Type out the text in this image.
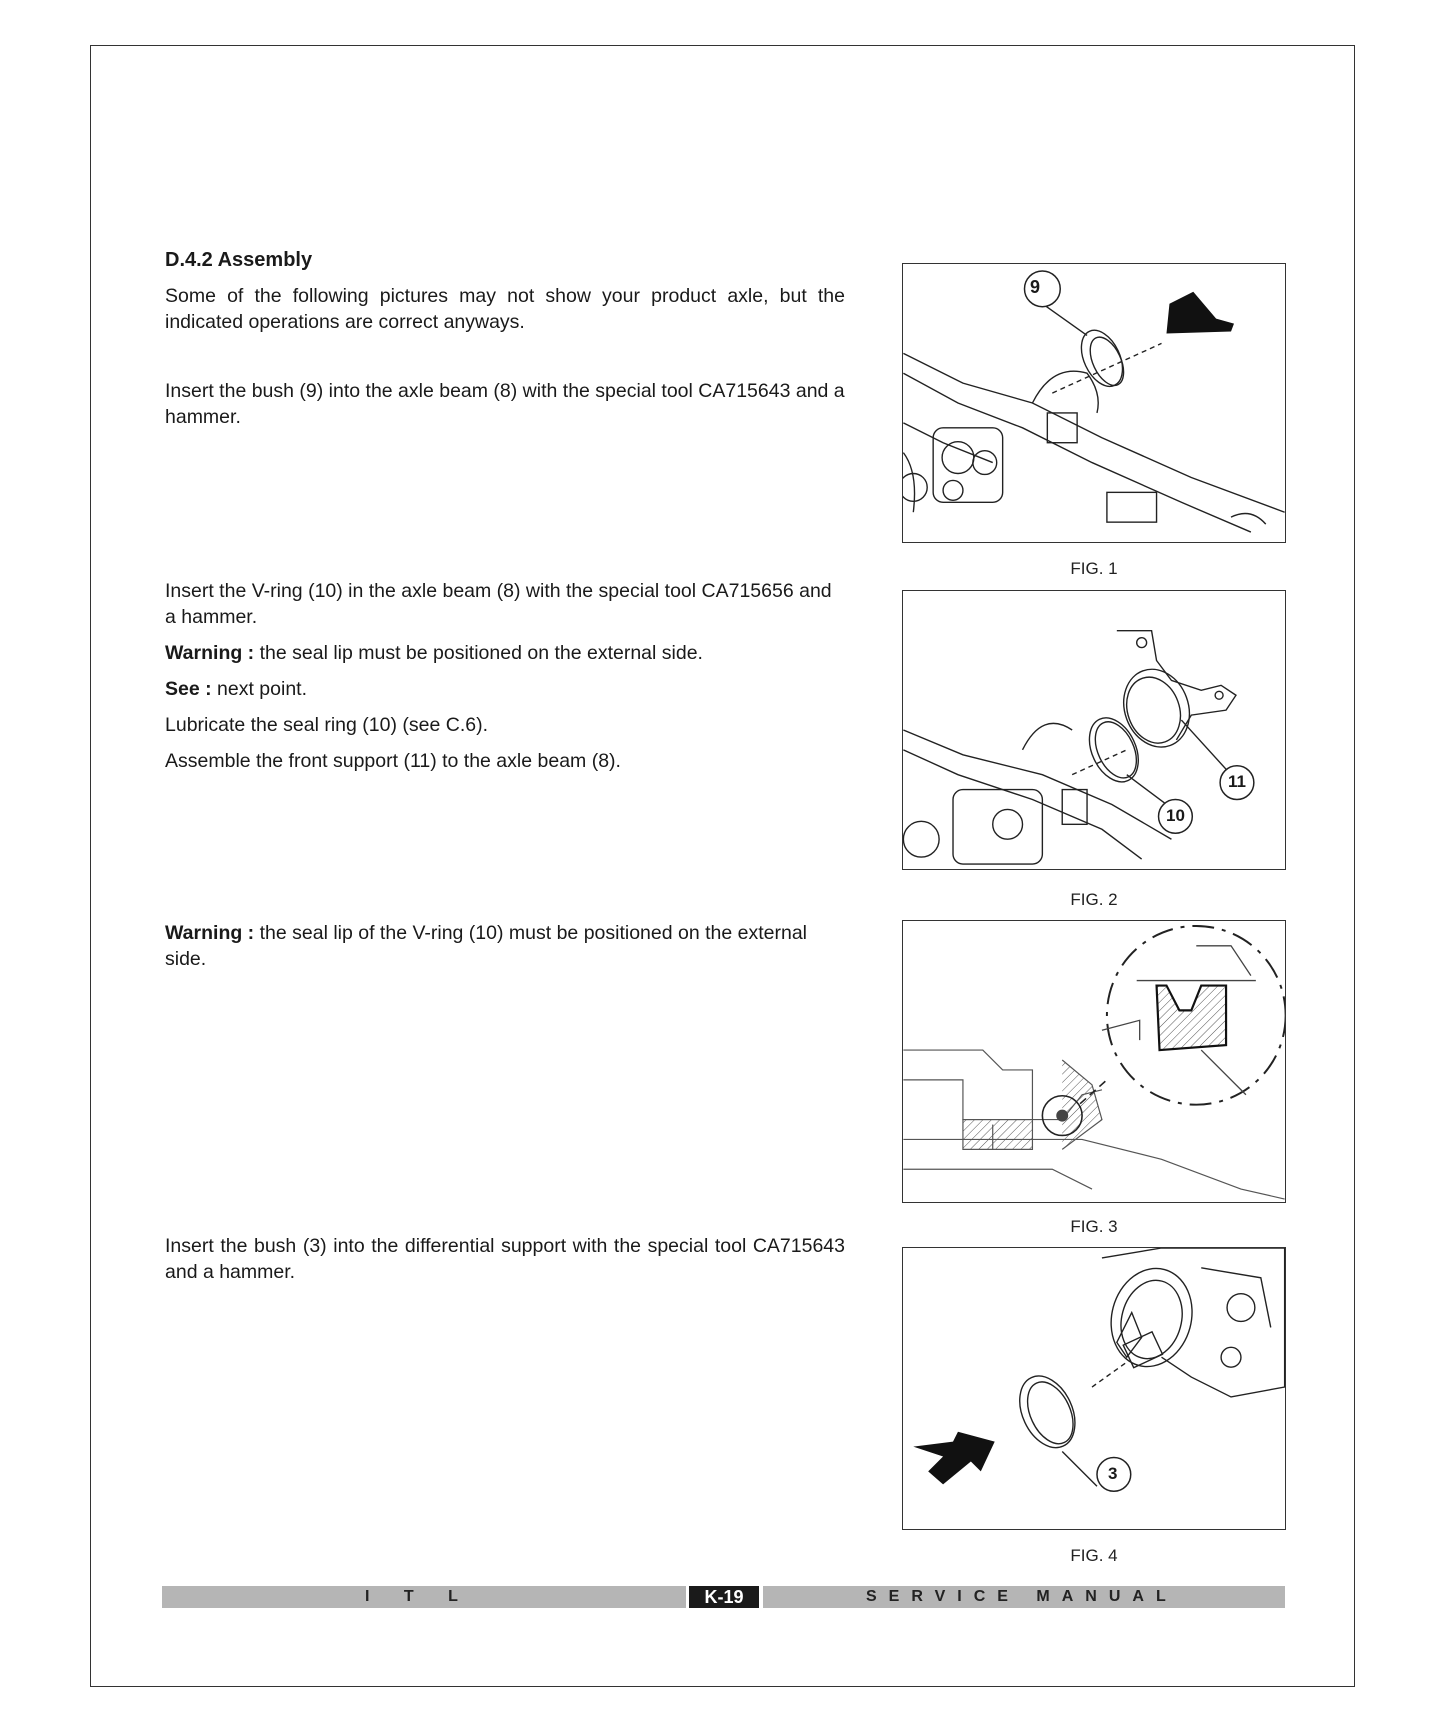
D.4.2 Assembly

Some of the following pictures may not show your product axle, but the indicated operations are correct anyways.

Insert the bush (9) into the axle beam (8) with the special tool CA715643 and a hammer.

Insert the V-ring (10) in the axle beam (8) with the special tool CA715656 and a hammer.

Warning : the seal lip must be positioned on the external side.

See : next point.

Lubricate the seal ring (10) (see C.6).

Assemble the front support (11) to the axle beam (8).

Warning : the seal lip of the V-ring (10) must be positioned on the external side.

Insert the bush (3) into the differential support with the special tool CA715643 and a hammer.

FIG. 1
9
FIG. 2
11
10
FIG. 3
FIG. 4
3
I T L	K-19	SERVICE MANUAL
